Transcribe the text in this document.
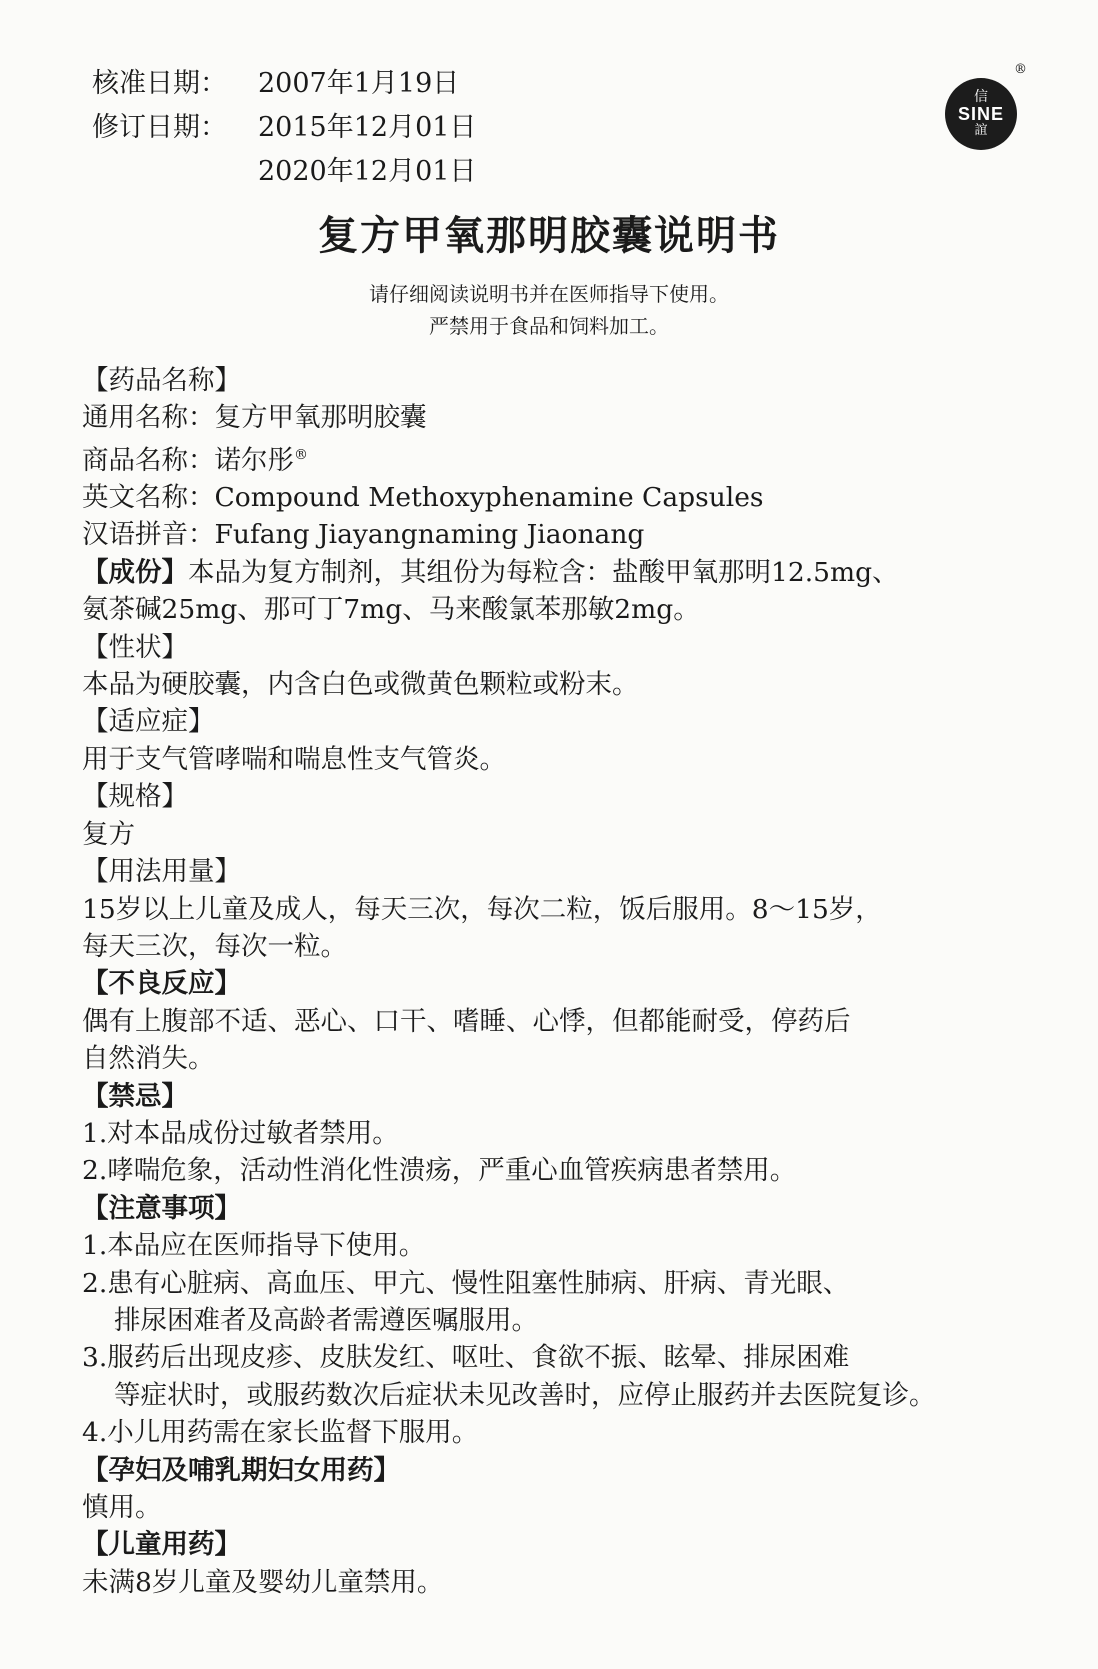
核准日期：	2007年1月19日
修订日期：	2015年12月01日
2020年12月01日
信
SINE
誼
®
复方甲氧那明胶囊说明书
请仔细阅读说明书并在医师指导下使用。
严禁用于食品和饲料加工。
【药品名称】
通用名称：复方甲氧那明胶囊
商品名称：诺尔彤®
英文名称：Compound Methoxyphenamine Capsules
汉语拼音：Fufang Jiayangnaming Jiaonang
【成份】本品为复方制剂，其组份为每粒含：盐酸甲氧那明12.5mg、
氨茶碱25mg、那可丁7mg、马来酸氯苯那敏2mg。
【性状】
本品为硬胶囊，内含白色或微黄色颗粒或粉末。
【适应症】
用于支气管哮喘和喘息性支气管炎。
【规格】
复方
【用法用量】
15岁以上儿童及成人，每天三次，每次二粒，饭后服用。8～15岁，
每天三次，每次一粒。
【不良反应】
偶有上腹部不适、恶心、口干、嗜睡、心悸，但都能耐受，停药后
自然消失。
【禁忌】
1.对本品成份过敏者禁用。
2.哮喘危象，活动性消化性溃疡，严重心血管疾病患者禁用。
【注意事项】
1.本品应在医师指导下使用。
2.患有心脏病、高血压、甲亢、慢性阻塞性肺病、肝病、青光眼、
排尿困难者及高龄者需遵医嘱服用。
3.服药后出现皮疹、皮肤发红、呕吐、食欲不振、眩晕、排尿困难
等症状时，或服药数次后症状未见改善时，应停止服药并去医院复诊。
4.小儿用药需在家长监督下服用。
【孕妇及哺乳期妇女用药】
慎用。
【儿童用药】
未满8岁儿童及婴幼儿童禁用。
